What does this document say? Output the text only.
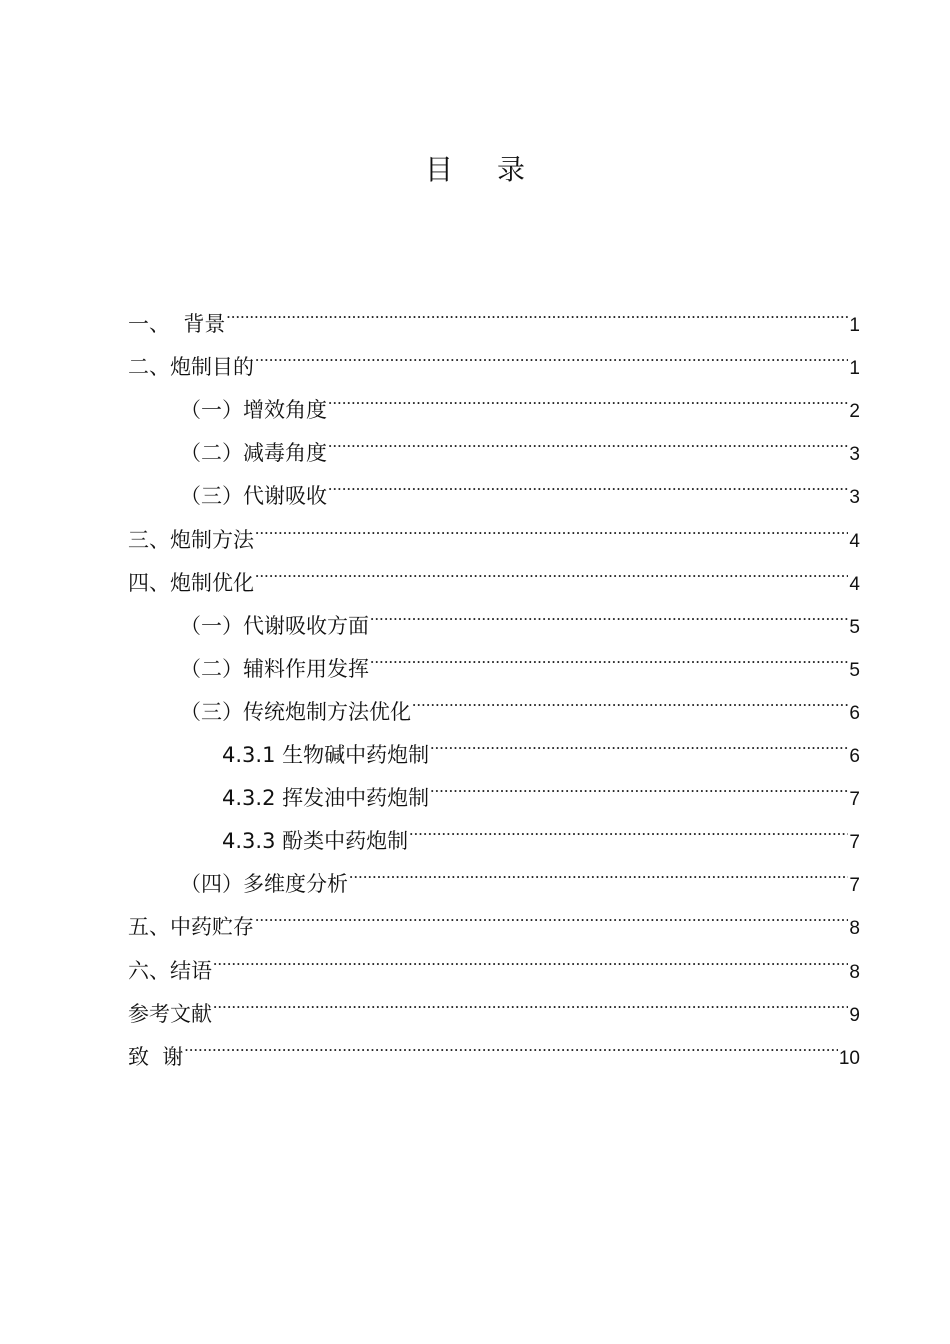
目 录
一、  背景 .....	1
二、炮制目的 .....	1
（一）增效角度 .....	2
（二）减毒角度 .....	3
（三）代谢吸收 .....	3
三、炮制方法 .....	4
四、炮制优化 .....	4
（一）代谢吸收方面 .....	5
（二）辅料作用发挥 .....	5
（三）传统炮制方法优化 .....	6
4.3.1 生物碱中药炮制 .....	6
4.3.2 挥发油中药炮制 .....	7
4.3.3 酚类中药炮制 .....	7
（四）多维度分析 .....	7
五、中药贮存 .....	8
六、结语 .....	8
参考文献 .....	9
致  谢 .....	10
